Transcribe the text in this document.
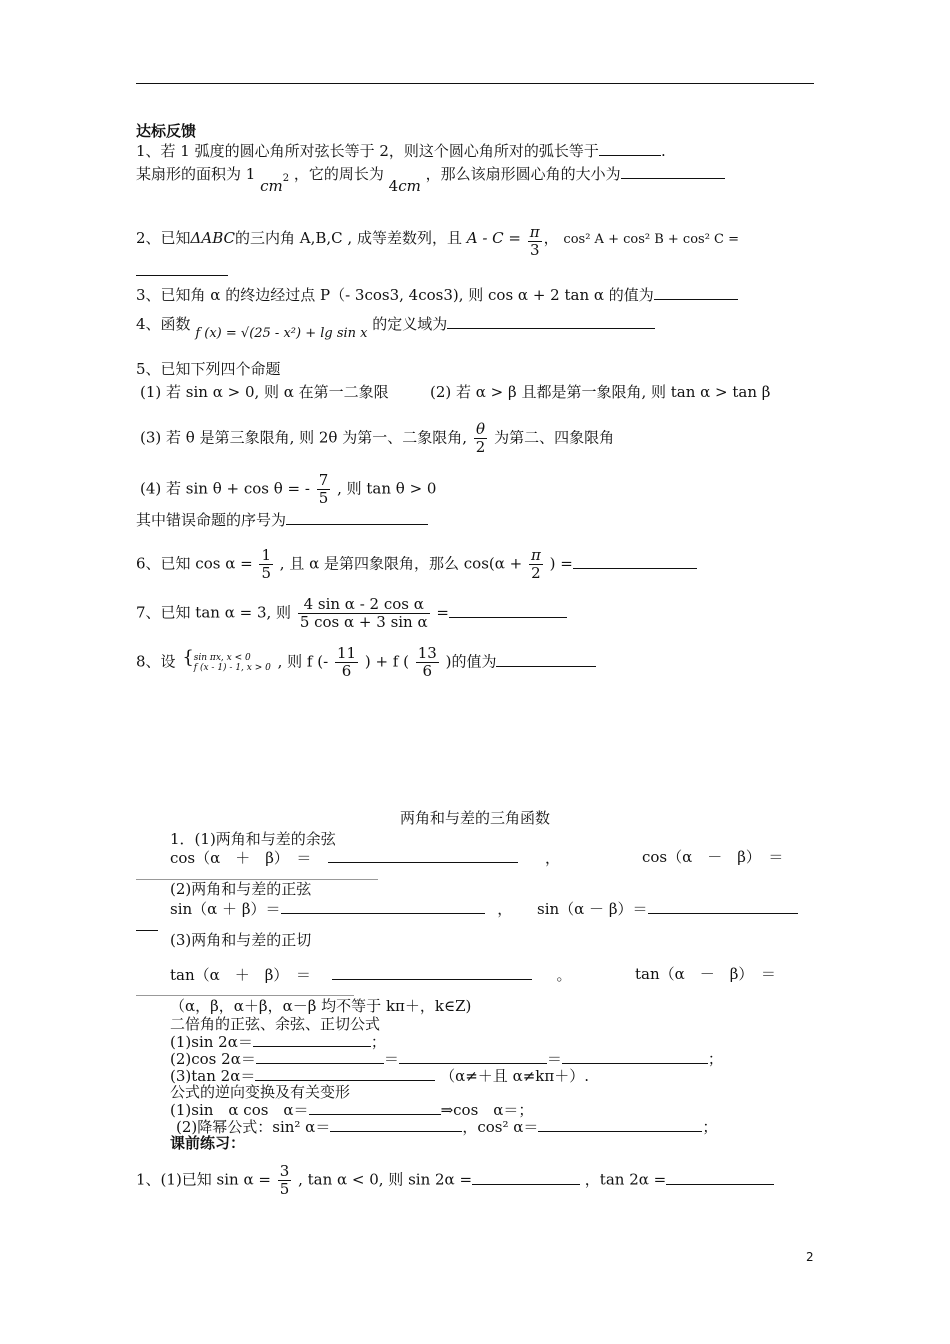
达标反馈
1、若 1 弧度的圆心角所对弦长等于 2，则这个圆心角所对的弧长等于	.
某扇形的面积为 1 $cm^2$ ，它的周长为 4cm ，那么该扇形圆心角的大小为
2、已知ΔABC的三内角 A,B,C , 成等差数列，且 $A - C = \frac{\pi}{3}$ ， cos² A + cos² B + cos² C =
3、已知角 α 的终边经过点 P（- 3cos3, 4cos3), 则 cos α + 2 tan α 的值为
4、函数 f (x) = √(25 - x²) + lg sin x 的定义域为
5、已知下列四个命题
(1) 若 sin α > 0, 则 α 在第一二象限	(2) 若 α > β 且都是第一象限角, 则 tan α > tan β
(3) 若 θ 是第三象限角, 则 2θ 为第一、二象限角, $\frac{\theta}{2}$ 为第二、四象限角
(4) 若 sin θ + cos θ = - $\frac{7}{5}$ , 则 tan θ > 0
其中错误命题的序号为
6、已知 $\cos \alpha = \frac{1}{5}$ , 且 α 是第四象限角，那么 $\cos(\alpha + \frac{\pi}{2}$ ) =
7、已知 tan α = 3, 则 $\frac{\text{4 sin α - 2 cos α}}{\text{5 cos α + 3 sin α}}$ =
8、设 { sin πx, x < 0
f (x - 1) - 1, x > 0 , 则 f (- $\frac{11}{6}$ ) + f ( $\frac{13}{6}$ )的值为
两角和与差的三角函数
1．(1)两角和与差的余弦
cos（α　＋　β）　＝	，	cos（α　－　β）　＝
(2)两角和与差的正弦
sin（α ＋ β）＝	， sin（α － β）＝
(3)两角和与差的正切
tan（α　＋　β）　＝	。	tan（α　－　β）　＝
（α，β，α＋β，α－β 均不等于 kπ＋，k∈Z)
二倍角的正弦、余弦、正切公式
(1)sin 2α＝	；
(2)cos 2α＝	＝	＝	；
(3)tan 2α＝	（α≠＋且 α≠kπ＋）.
公式的逆向变换及有关变形
(1)sin　α cos　α＝	⇒cos　α＝；
(2)降幂公式：sin² α＝	，cos² α＝	；
课前练习：
1、(1)已知 $\sin \alpha = \frac{3}{5}$ , tan α < 0, 则 sin 2α =	，tan 2α =
2
